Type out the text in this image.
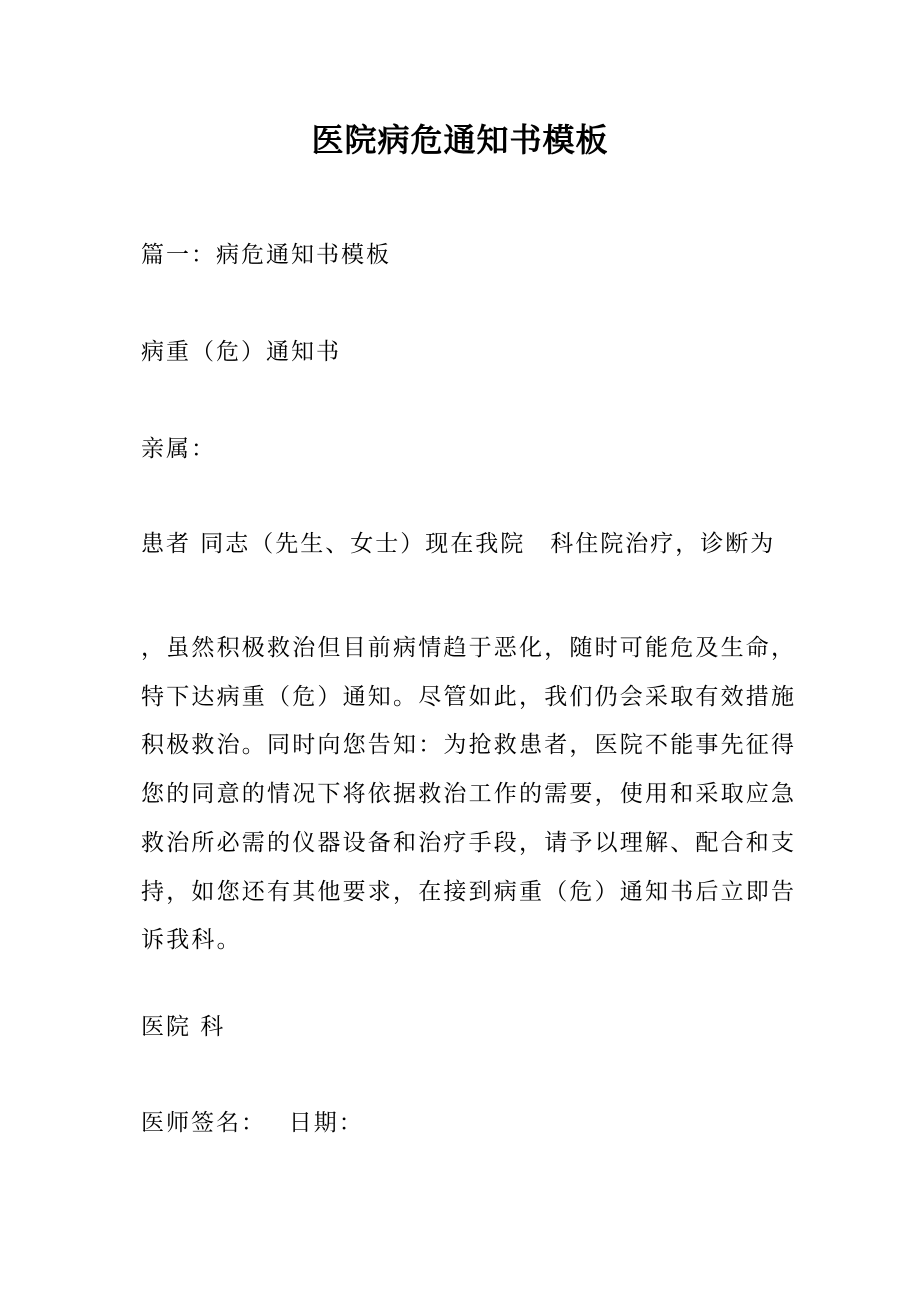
医院病危通知书模板
篇一：病危通知书模板
病重（危）通知书
亲属：
患者 同志（先生、女士）现在我院　科住院治疗，诊断为
，虽然积极救治但目前病情趋于恶化，随时可能危及生命，
特下达病重（危）通知。尽管如此，我们仍会采取有效措施
积极救治。同时向您告知：为抢救患者，医院不能事先征得
您的同意的情况下将依据救治工作的需要，使用和采取应急
救治所必需的仪器设备和治疗手段，请予以理解、配合和支
持，如您还有其他要求，在接到病重（危）通知书后立即告
诉我科。
医院 科
医师签名：　 日期：
